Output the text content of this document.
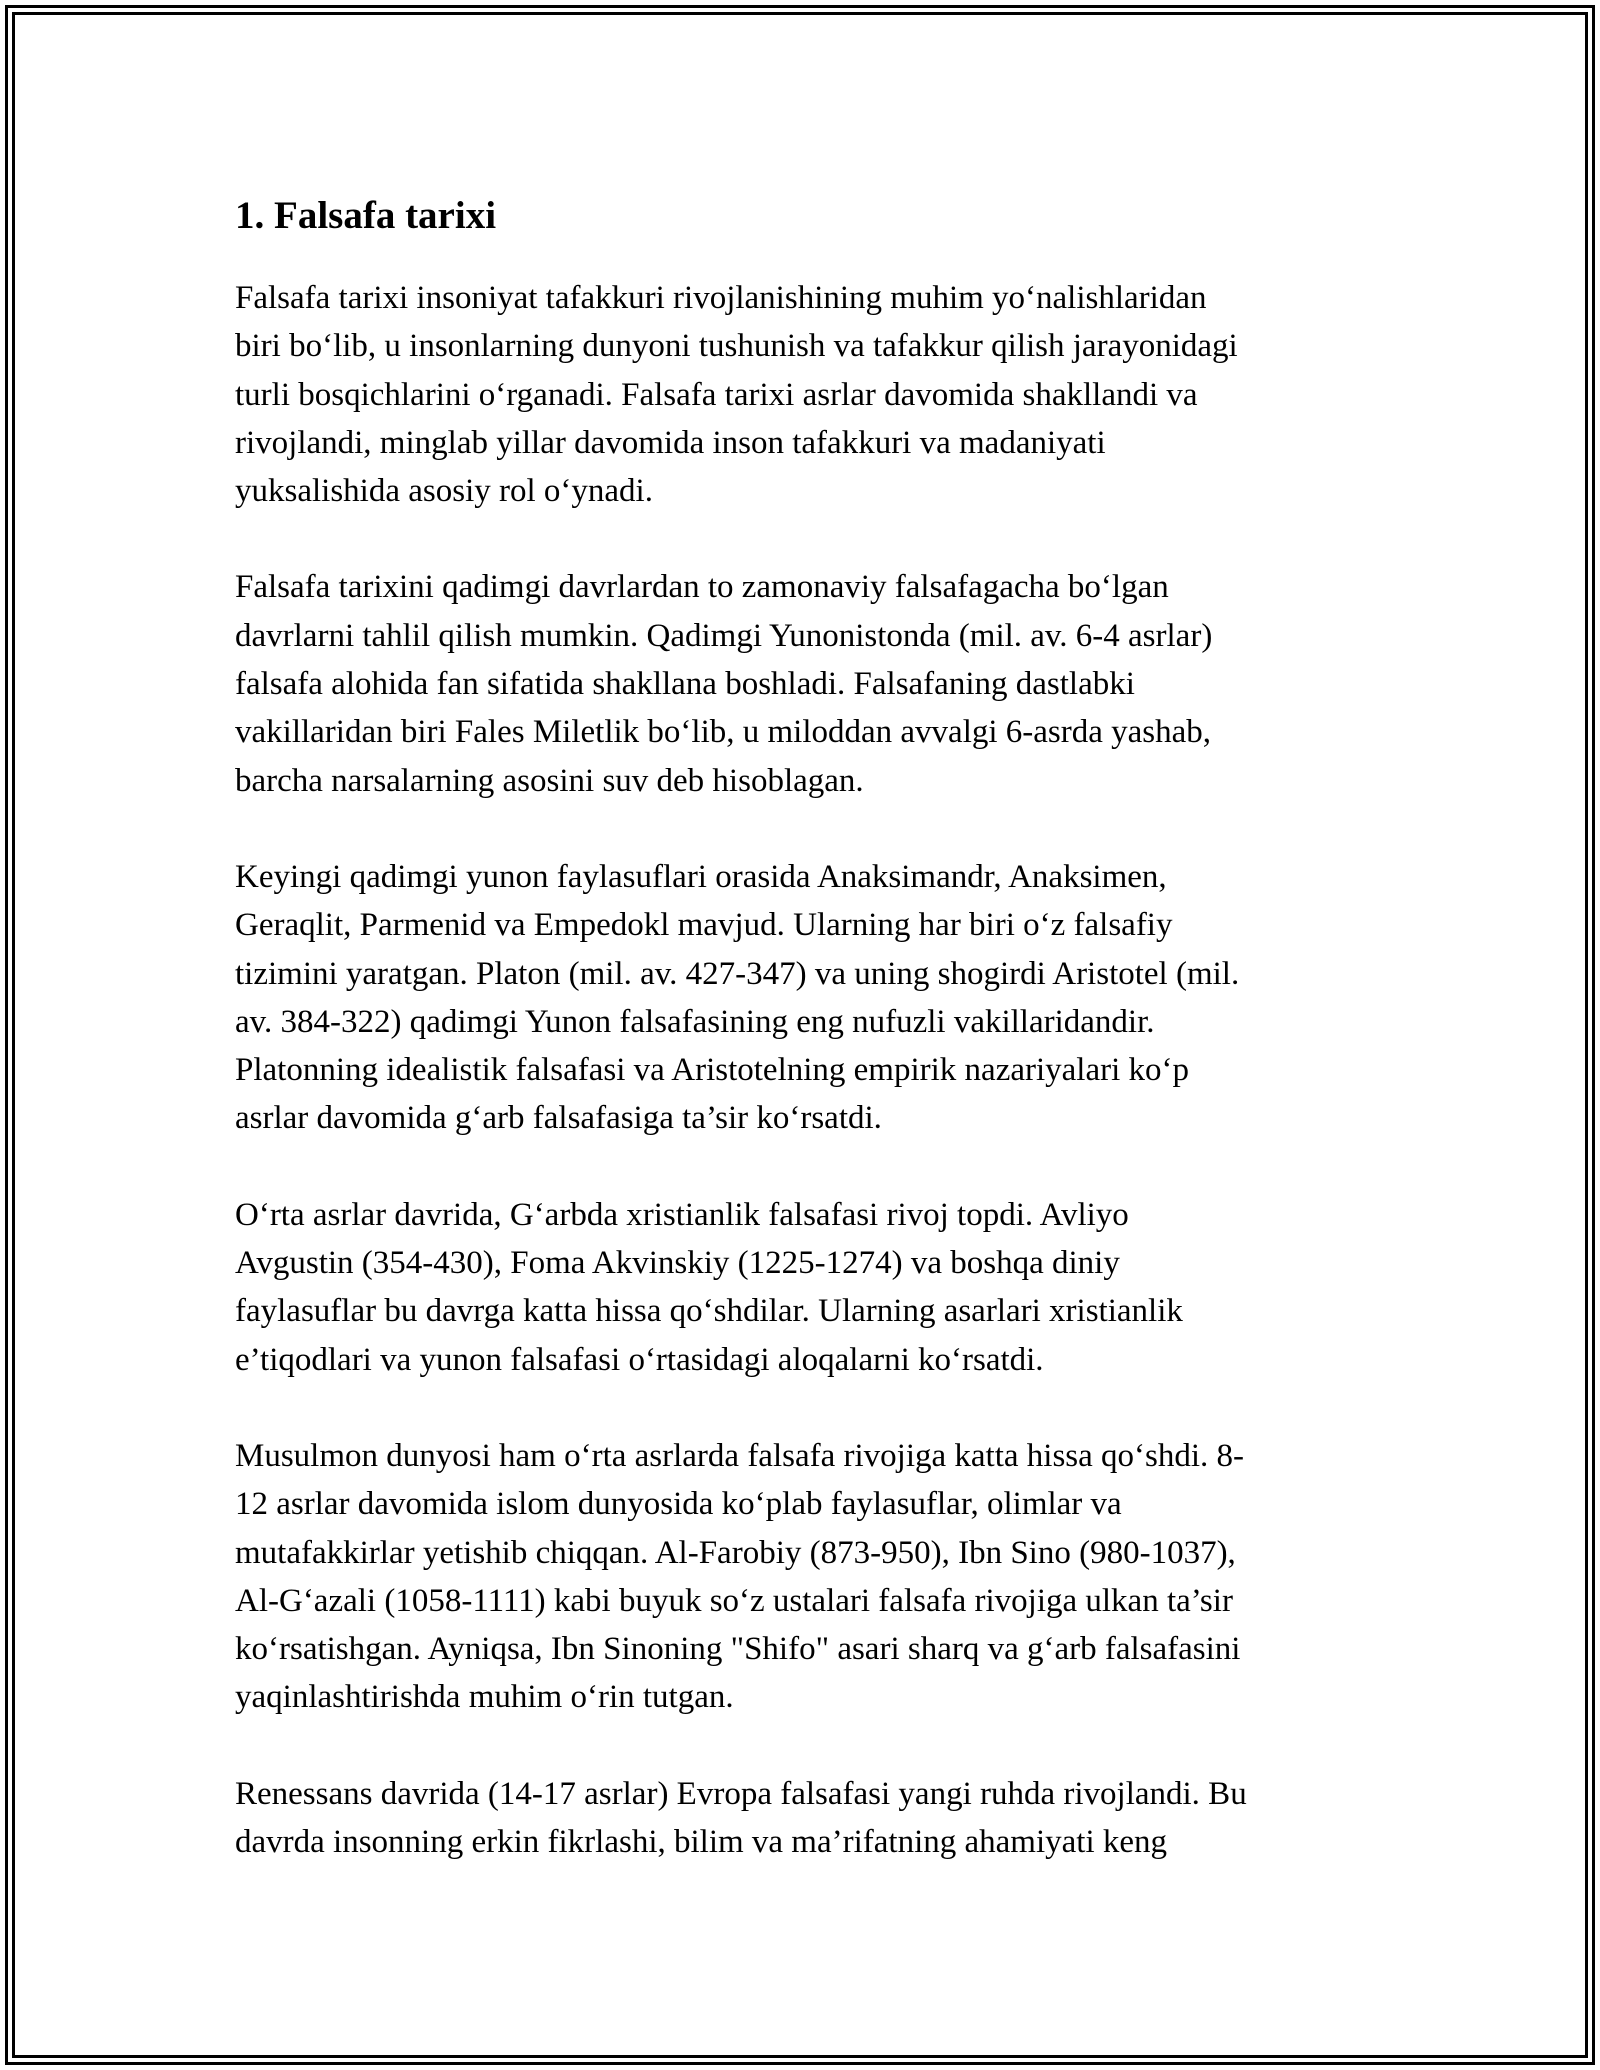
1. Falsafa tarixi

Falsafa tarixi insoniyat tafakkuri rivojlanishining muhim yo‘nalishlaridan
biri bo‘lib, u insonlarning dunyoni tushunish va tafakkur qilish jarayonidagi
turli bosqichlarini o‘rganadi. Falsafa tarixi asrlar davomida shakllandi va
rivojlandi, minglab yillar davomida inson tafakkuri va madaniyati
yuksalishida asosiy rol o‘ynadi.

Falsafa tarixini qadimgi davrlardan to zamonaviy falsafagacha bo‘lgan
davrlarni tahlil qilish mumkin. Qadimgi Yunonistonda (mil. av. 6-4 asrlar)
falsafa alohida fan sifatida shakllana boshladi. Falsafaning dastlabki
vakillaridan biri Fales Miletlik bo‘lib, u miloddan avvalgi 6-asrda yashab,
barcha narsalarning asosini suv deb hisoblagan.

Keyingi qadimgi yunon faylasuflari orasida Anaksimandr, Anaksimen,
Geraqlit, Parmenid va Empedokl mavjud. Ularning har biri o‘z falsafiy
tizimini yaratgan. Platon (mil. av. 427-347) va uning shogirdi Aristotel (mil.
av. 384-322) qadimgi Yunon falsafasining eng nufuzli vakillaridandir.
Platonning idealistik falsafasi va Aristotelning empirik nazariyalari ko‘p
asrlar davomida g‘arb falsafasiga ta’sir ko‘rsatdi.

O‘rta asrlar davrida, G‘arbda xristianlik falsafasi rivoj topdi. Avliyo
Avgustin (354-430), Foma Akvinskiy (1225-1274) va boshqa diniy
faylasuflar bu davrga katta hissa qo‘shdilar. Ularning asarlari xristianlik
e’tiqodlari va yunon falsafasi o‘rtasidagi aloqalarni ko‘rsatdi.

Musulmon dunyosi ham o‘rta asrlarda falsafa rivojiga katta hissa qo‘shdi. 8-
12 asrlar davomida islom dunyosida ko‘plab faylasuflar, olimlar va
mutafakkirlar yetishib chiqqan. Al-Farobiy (873-950), Ibn Sino (980-1037),
Al-G‘azali (1058-1111) kabi buyuk so‘z ustalari falsafa rivojiga ulkan ta’sir
ko‘rsatishgan. Ayniqsa, Ibn Sinoning "Shifo" asari sharq va g‘arb falsafasini
yaqinlashtirishda muhim o‘rin tutgan.

Renessans davrida (14-17 asrlar) Evropa falsafasi yangi ruhda rivojlandi. Bu
davrda insonning erkin fikrlashi, bilim va ma’rifatning ahamiyati keng
